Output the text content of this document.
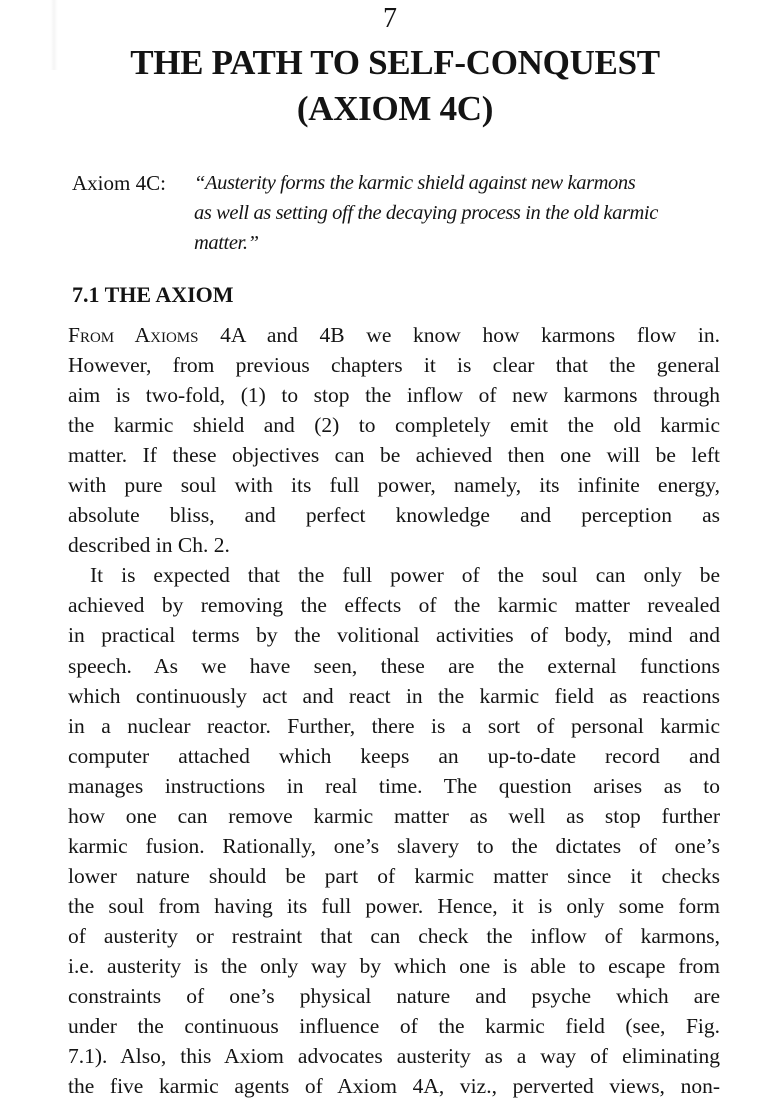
7
THE PATH TO SELF-CONQUEST
(AXIOM 4C)
Axiom 4C: “Austerity forms the karmic shield against new karmons
as well as setting off the decaying process in the old karmic
matter.”
7.1 THE AXIOM
From Axioms 4A and 4B we know how karmons flow in.
However, from previous chapters it is clear that the general
aim is two-fold, (1) to stop the inflow of new karmons through
the karmic shield and (2) to completely emit the old karmic
matter. If these objectives can be achieved then one will be left
with pure soul with its full power, namely, its infinite energy,
absolute bliss, and perfect knowledge and perception as
described in Ch. 2.
It is expected that the full power of the soul can only be
achieved by removing the effects of the karmic matter revealed
in practical terms by the volitional activities of body, mind and
speech. As we have seen, these are the external functions
which continuously act and react in the karmic field as reactions
in a nuclear reactor. Further, there is a sort of personal karmic
computer attached which keeps an up-to-date record and
manages instructions in real time. The question arises as to
how one can remove karmic matter as well as stop further
karmic fusion. Rationally, one’s slavery to the dictates of one’s
lower nature should be part of karmic matter since it checks
the soul from having its full power. Hence, it is only some form
of austerity or restraint that can check the inflow of karmons,
i.e. austerity is the only way by which one is able to escape from
constraints of one’s physical nature and psyche which are
under the continuous influence of the karmic field (see, Fig.
7.1). Also, this Axiom advocates austerity as a way of eliminating
the five karmic agents of Axiom 4A, viz., perverted views, non-
